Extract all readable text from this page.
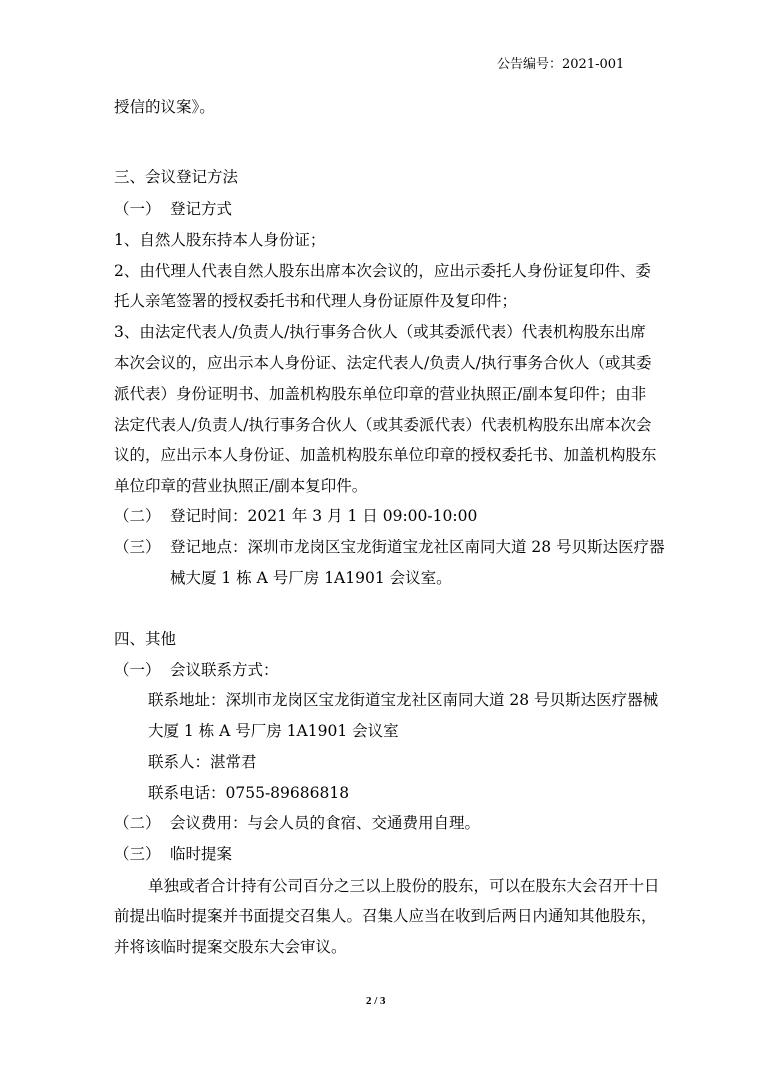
公告编号：2021-001
授信的议案》。
三、会议登记方法
（一） 登记方式
1、自然人股东持本人身份证；
2、由代理人代表自然人股东出席本次会议的，应出示委托人身份证复印件、委
托人亲笔签署的授权委托书和代理人身份证原件及复印件；
3、由法定代表人/负责人/执行事务合伙人（或其委派代表）代表机构股东出席
本次会议的，应出示本人身份证、法定代表人/负责人/执行事务合伙人（或其委
派代表）身份证明书、加盖机构股东单位印章的营业执照正/副本复印件；由非
法定代表人/负责人/执行事务合伙人（或其委派代表）代表机构股东出席本次会
议的，应出示本人身份证、加盖机构股东单位印章的授权委托书、加盖机构股东
单位印章的营业执照正/副本复印件。
（二） 登记时间：2021 年 3 月 1 日 09:00-10:00
（三） 登记地点：深圳市龙岗区宝龙街道宝龙社区南同大道 28 号贝斯达医疗器
械大厦 1 栋 A 号厂房 1A1901 会议室。
四、其他
（一） 会议联系方式：
联系地址：深圳市龙岗区宝龙街道宝龙社区南同大道 28 号贝斯达医疗器械
大厦 1 栋 A 号厂房 1A1901 会议室
联系人：湛常君
联系电话：0755-89686818
（二） 会议费用：与会人员的食宿、交通费用自理。
（三） 临时提案
单独或者合计持有公司百分之三以上股份的股东，可以在股东大会召开十日
前提出临时提案并书面提交召集人。召集人应当在收到后两日内通知其他股东，
并将该临时提案交股东大会审议。
2 / 3
